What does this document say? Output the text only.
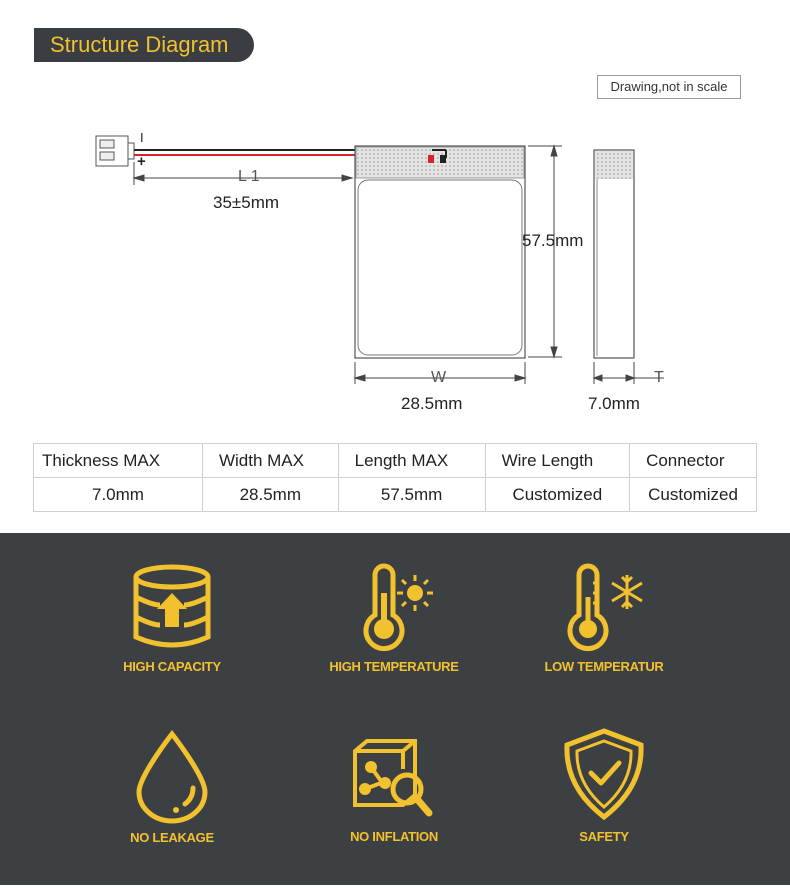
Structure Diagram
Drawing,not in scale
I
+
L 1
35±5mm
57.5mm
W
28.5mm
T
7.0mm
Thickness MAX	Width MAX	Length MAX	Wire Length	Connector
7.0mm	28.5mm	57.5mm	Customized	Customized
HIGH CAPACITY	HIGH TEMPERATURE	LOW TEMPERATUR
NO LEAKAGE	NO INFLATION	SAFETY
